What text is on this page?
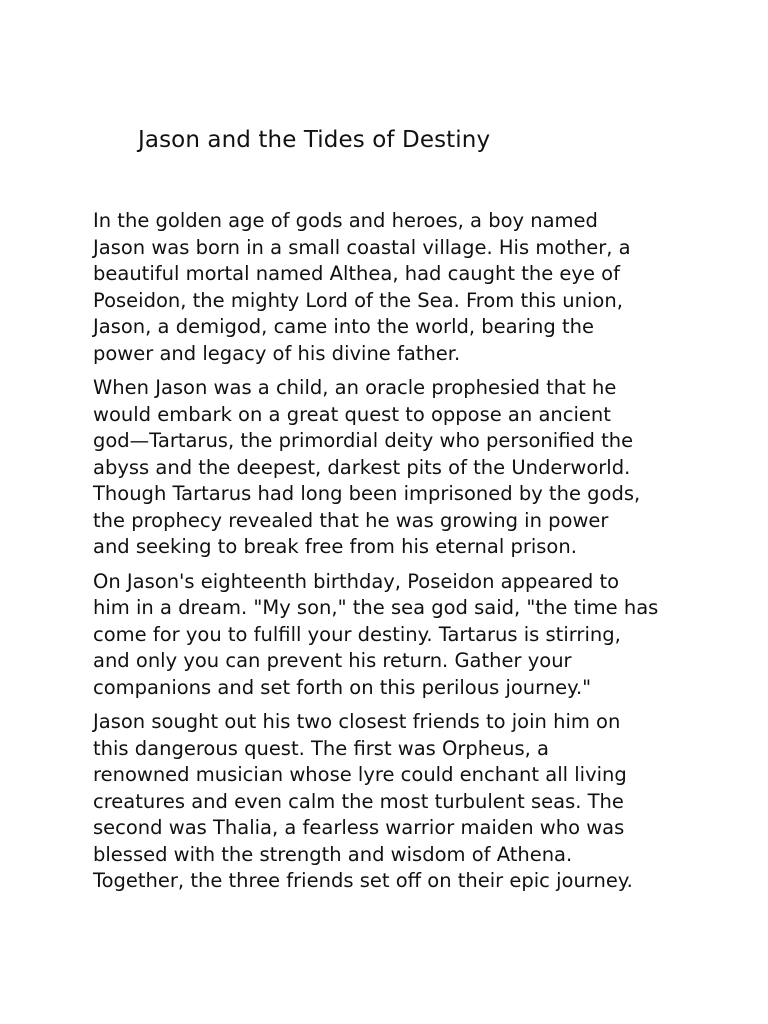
Jason and the Tides of Destiny

In the golden age of gods and heroes, a boy named
Jason was born in a small coastal village. His mother, a
beautiful mortal named Althea, had caught the eye of
Poseidon, the mighty Lord of the Sea. From this union,
Jason, a demigod, came into the world, bearing the
power and legacy of his divine father.

When Jason was a child, an oracle prophesied that he
would embark on a great quest to oppose an ancient
god—Tartarus, the primordial deity who personified the
abyss and the deepest, darkest pits of the Underworld.
Though Tartarus had long been imprisoned by the gods,
the prophecy revealed that he was growing in power
and seeking to break free from his eternal prison.

On Jason's eighteenth birthday, Poseidon appeared to
him in a dream. "My son," the sea god said, "the time has
come for you to fulfill your destiny. Tartarus is stirring,
and only you can prevent his return. Gather your
companions and set forth on this perilous journey."

Jason sought out his two closest friends to join him on
this dangerous quest. The first was Orpheus, a
renowned musician whose lyre could enchant all living
creatures and even calm the most turbulent seas. The
second was Thalia, a fearless warrior maiden who was
blessed with the strength and wisdom of Athena.
Together, the three friends set off on their epic journey.
